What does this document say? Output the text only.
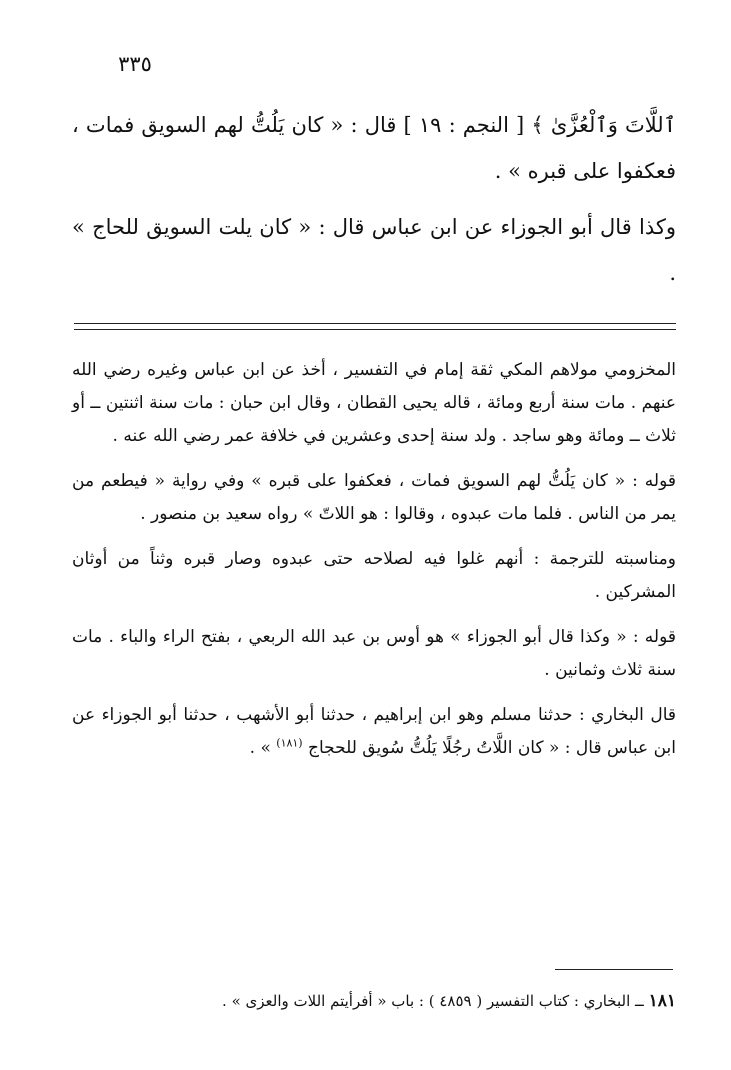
٣٣٥

ٱللَّاتَ وَٱلْعُزَّىٰ ﴾ [ النجم : ١٩ ] قال : « كان يَلُتُّ لهم السويق فمات ، فعكفوا على قبره » .

وكذا قال أبو الجوزاء عن ابن عباس قال : « كان يلت السويق للحاج » .

المخزومي مولاهم المكي ثقة إمام في التفسير ، أخذ عن ابن عباس وغيره رضي الله عنهم . مات سنة أربع ومائة ، قاله يحيى القطان ، وقال ابن حبان : مات سنة اثنتين ــ أو ثلاث ــ ومائة وهو ساجد . ولد سنة إحدى وعشرين في خلافة عمر رضي الله عنه .

قوله : « كان يَلُتُّ لهم السويق فمات ، فعكفوا على قبره » وفي رواية « فيطعم من يمر من الناس . فلما مات عبدوه ، وقالوا : هو اللاتّ » رواه سعيد بن منصور .

ومناسبته للترجمة : أنهم غلوا فيه لصلاحه حتى عبدوه وصار قبره وثناً من أوثان المشركين .

قوله : « وكذا قال أبو الجوزاء » هو أوس بن عبد الله الربعي ، بفتح الراء والباء . مات سنة ثلاث وثمانين .

قال البخاري : حدثنا مسلم وهو ابن إبراهيم ، حدثنا أبو الأشهب ، حدثنا أبو الجوزاء عن ابن عباس قال : « كان اللَّاتُ رجُلًا يَلُتُّ سُويق للحجاج $^{(١٨١)}$ » .

١٨١ ــ البخاري : كتاب التفسير ( ٤٨٥٩ ) : باب « أفرأيتم اللات والعزى » .
